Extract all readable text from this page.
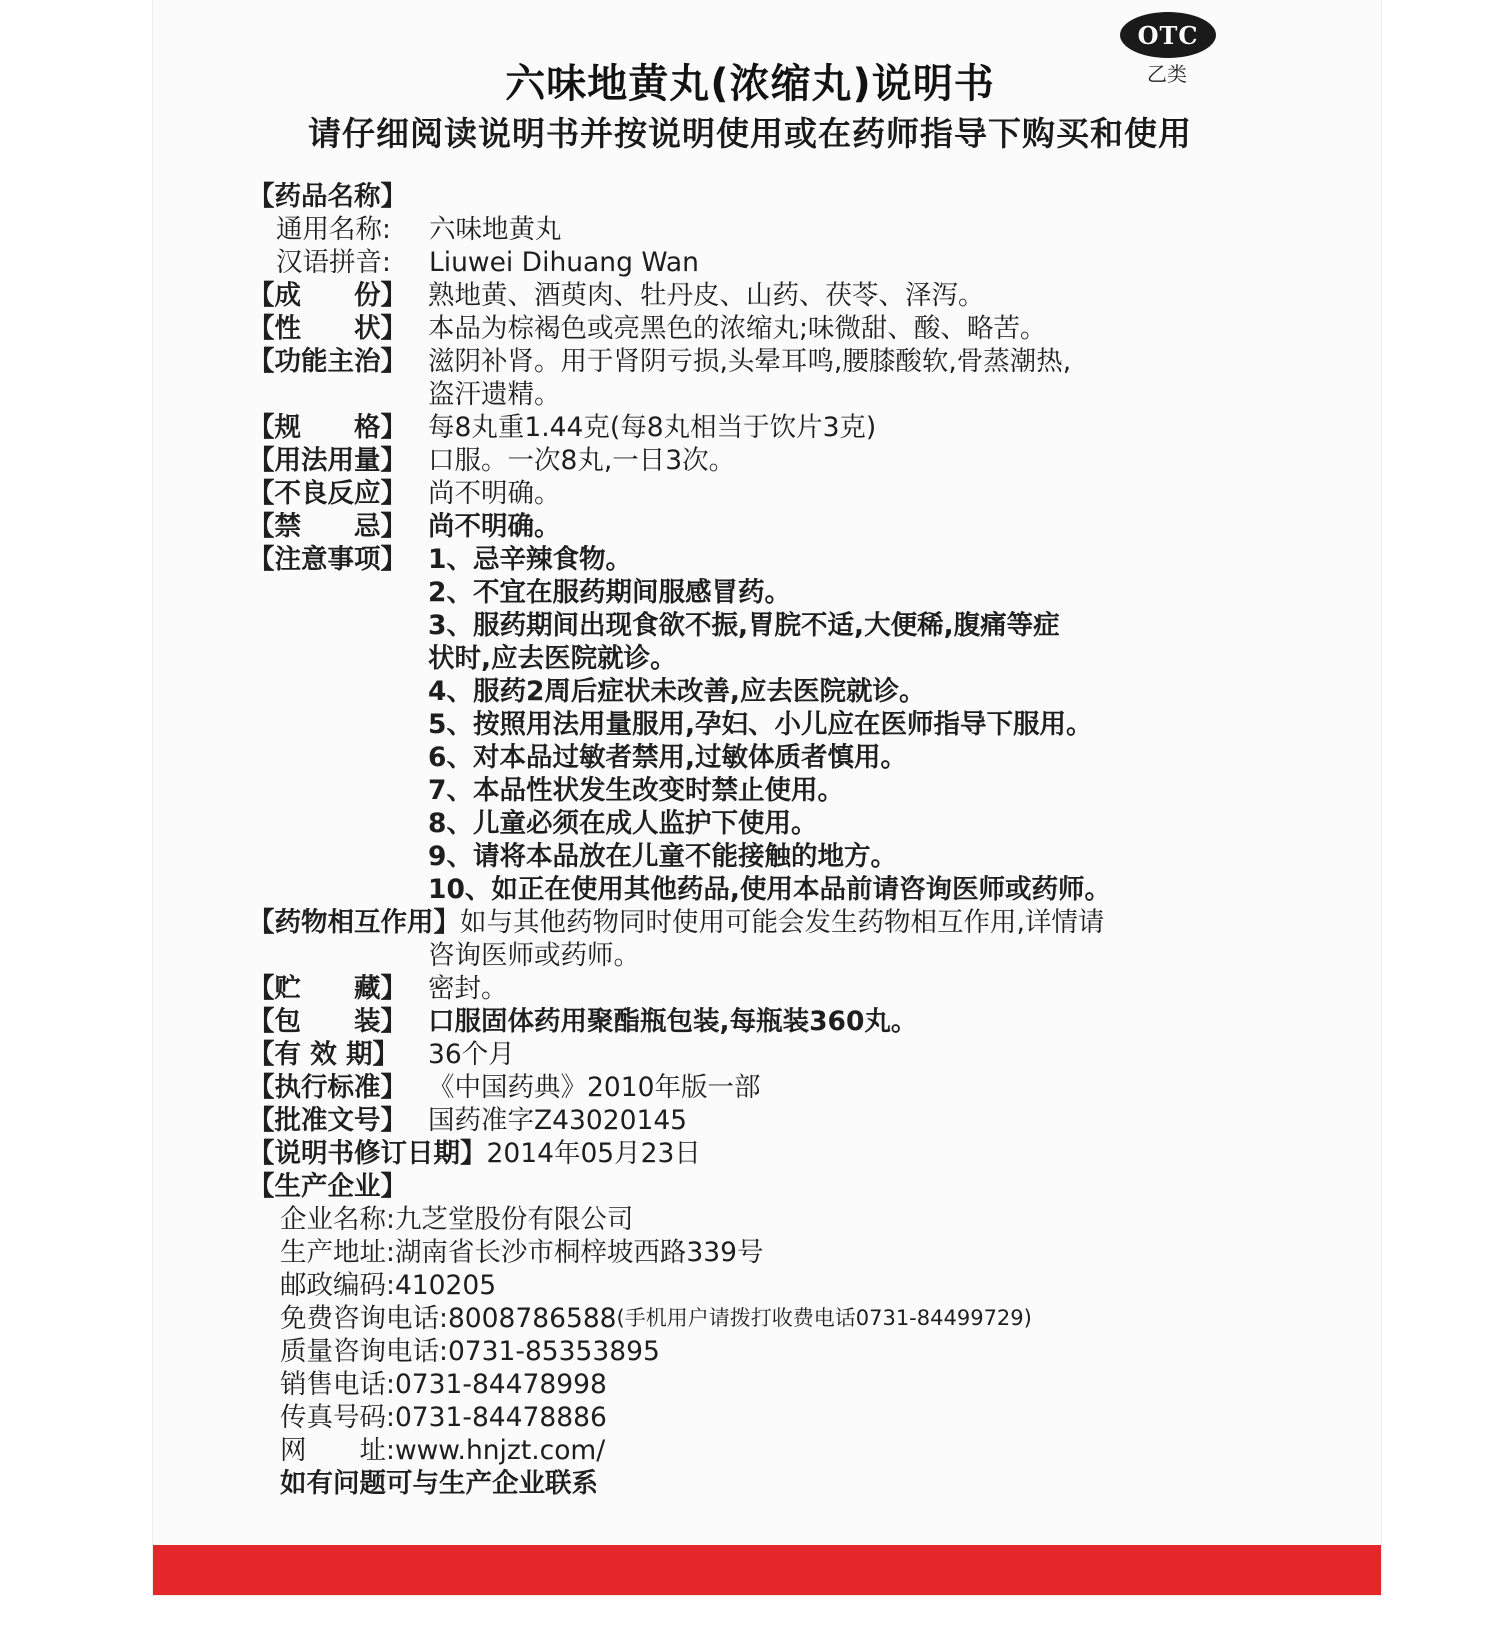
OTC
乙类
六味地黄丸(浓缩丸)说明书
请仔细阅读说明书并按说明使用或在药师指导下购买和使用
【药品名称】
通用名称:	六味地黄丸
汉语拼音:	Liuwei Dihuang Wan
【成　　份】 熟地黄、酒萸肉、牡丹皮、山药、茯苓、泽泻。
【性　　状】 本品为棕褐色或亮黑色的浓缩丸;味微甜、酸、略苦。
【功能主治】 滋阴补肾。用于肾阴亏损,头晕耳鸣,腰膝酸软,骨蒸潮热,
盗汗遗精。
【规　　格】 每8丸重1.44克(每8丸相当于饮片3克)
【用法用量】 口服。一次8丸,一日3次。
【不良反应】 尚不明确。
【禁　　忌】 尚不明确。
【注意事项】 1、忌辛辣食物。
2、不宜在服药期间服感冒药。
3、服药期间出现食欲不振,胃脘不适,大便稀,腹痛等症
状时,应去医院就诊。
4、服药2周后症状未改善,应去医院就诊。
5、按照用法用量服用,孕妇、小儿应在医师指导下服用。
6、对本品过敏者禁用,过敏体质者慎用。
7、本品性状发生改变时禁止使用。
8、儿童必须在成人监护下使用。
9、请将本品放在儿童不能接触的地方。
10、如正在使用其他药品,使用本品前请咨询医师或药师。
【药物相互作用】 如与其他药物同时使用可能会发生药物相互作用,详情请
咨询医师或药师。
【贮　　藏】 密封。
【包　　装】 口服固体药用聚酯瓶包装,每瓶装360丸。
【有 效 期】	36个月
【执行标准】 《中国药典》2010年版一部
【批准文号】 国药准字Z43020145
【说明书修订日期】 2014年05月23日
【生产企业】
企业名称: 九芝堂股份有限公司
生产地址: 湖南省长沙市桐梓坡西路339号
邮政编码: 410205
免费咨询电话: 8008786588 (手机用户请拨打收费电话0731-84499729)
质量咨询电话: 0731-85353895
销售电话: 0731-84478998
传真号码: 0731-84478886
网　　址: www.hnjzt.com/
如有问题可与生产企业联系
